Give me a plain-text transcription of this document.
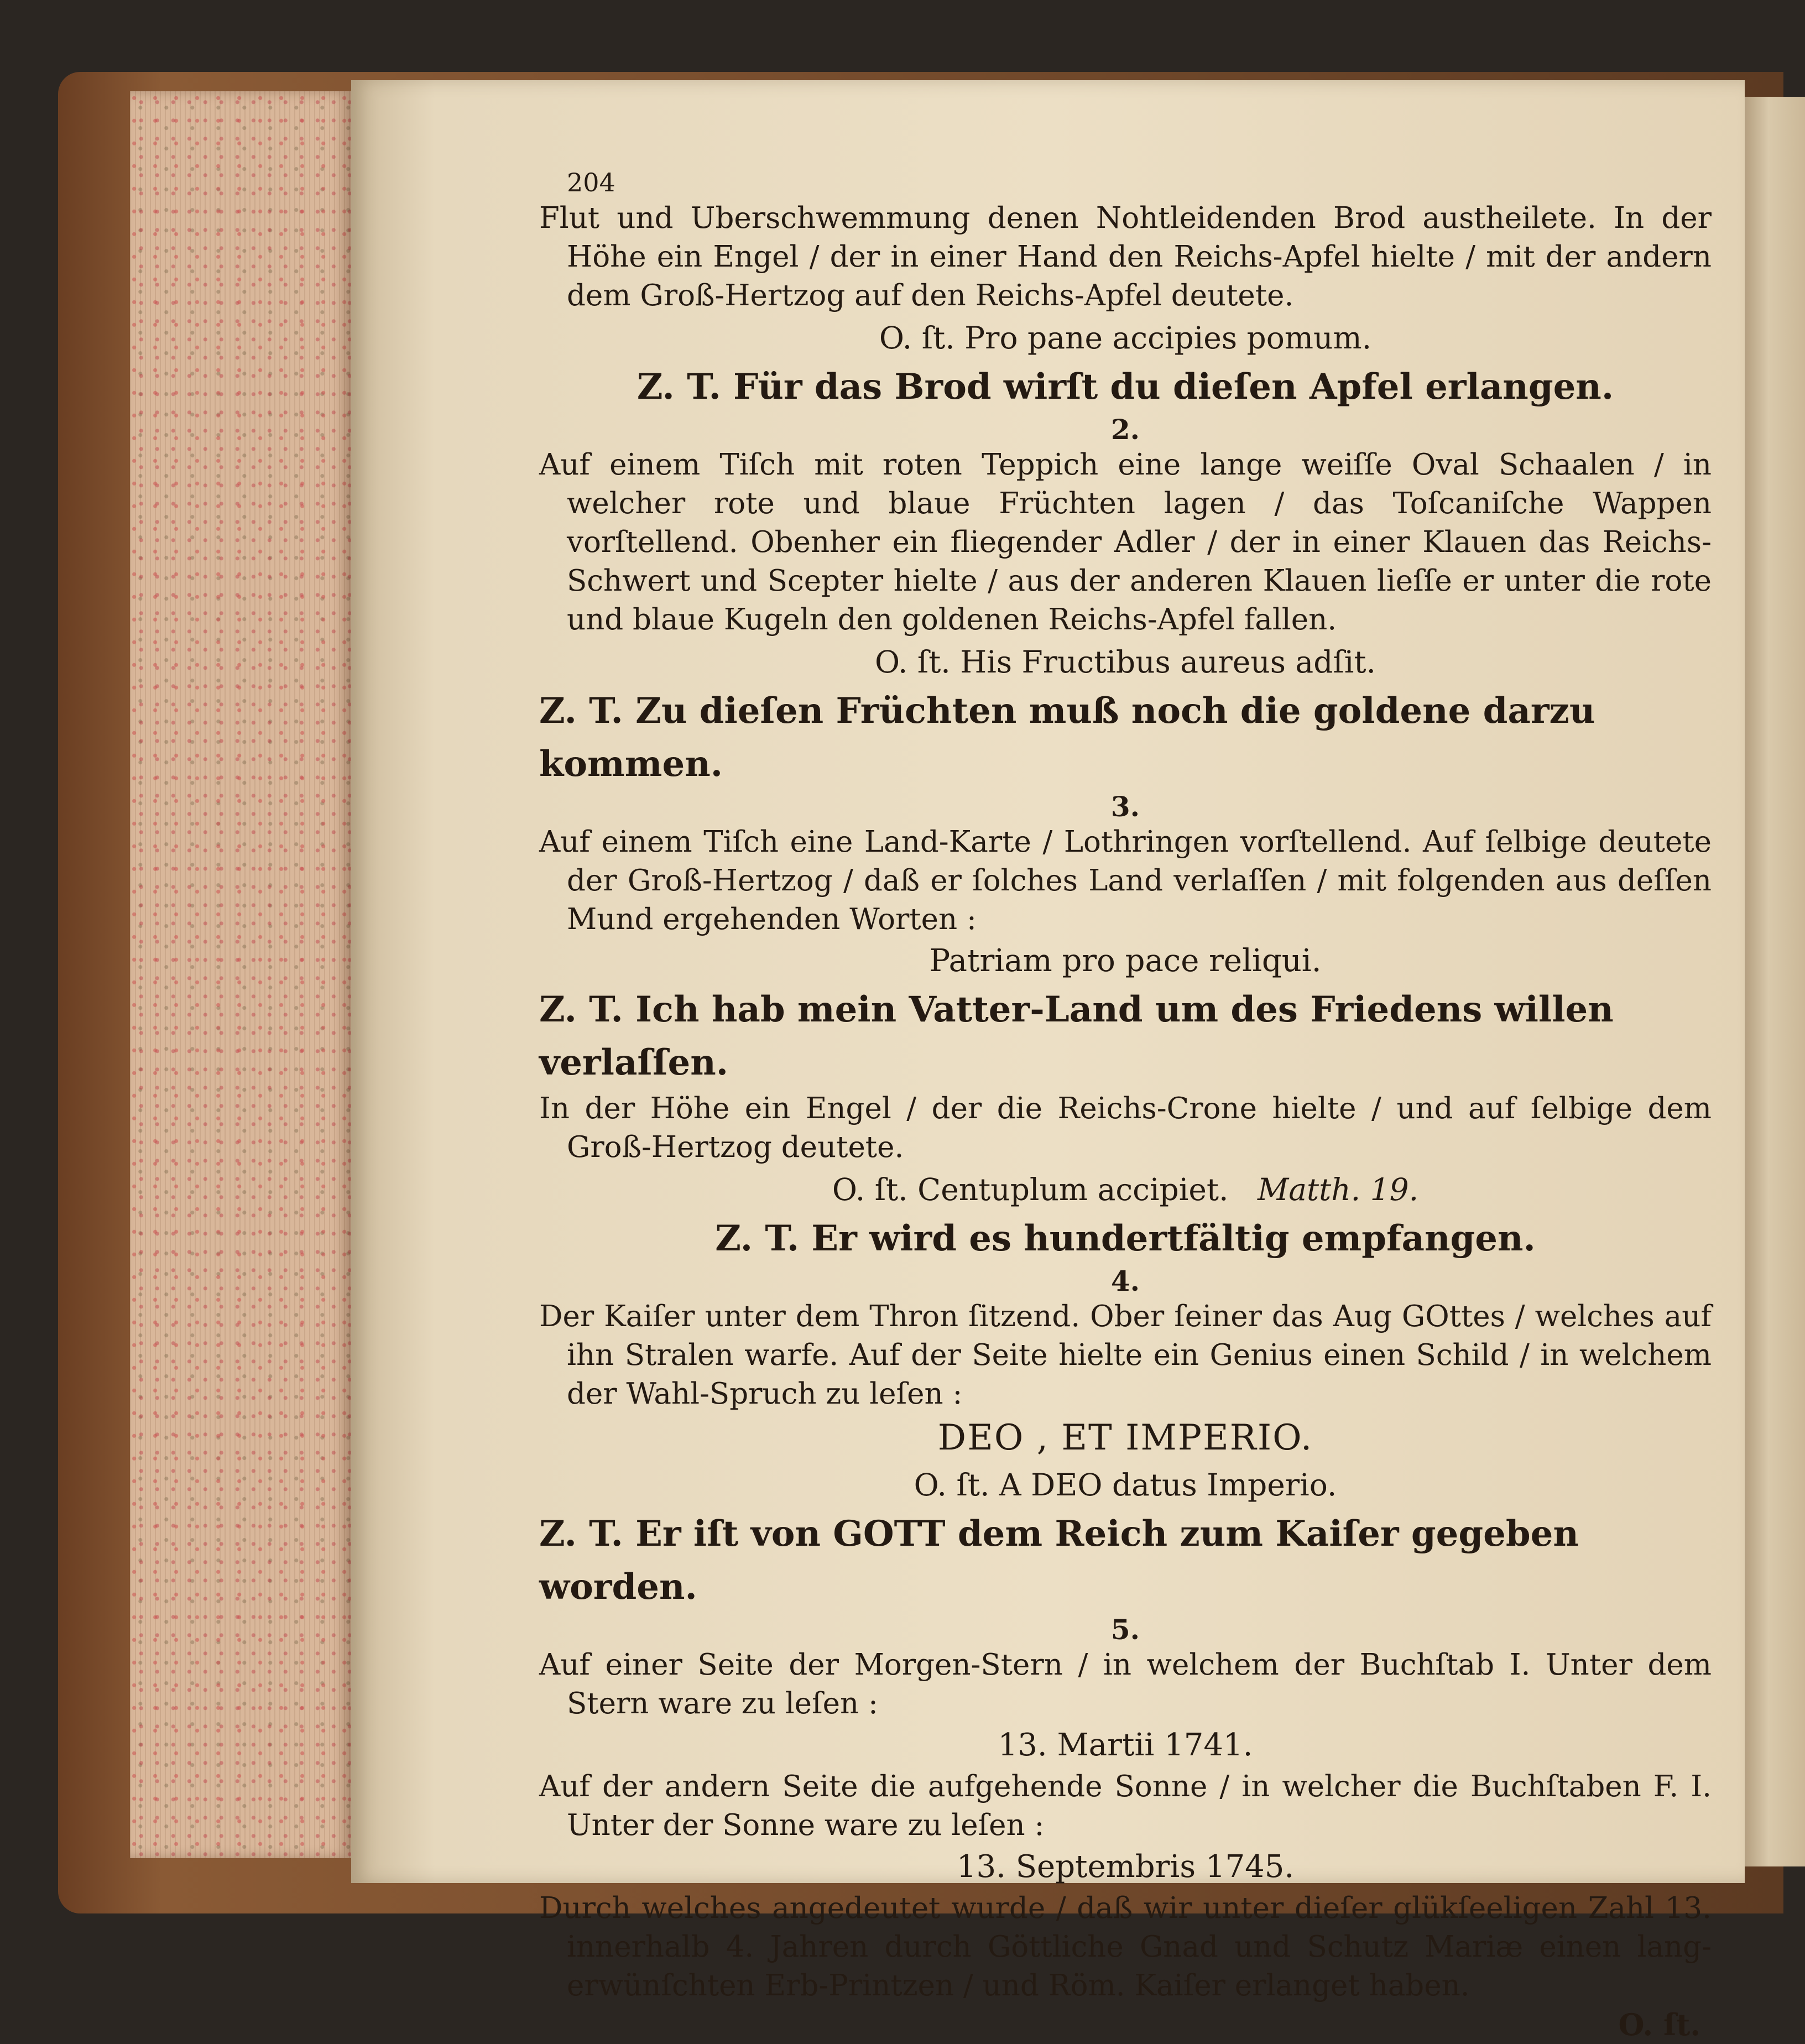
204

Flut und Uberschwemmung denen Nohtleidenden Brod austheilete. In der Höhe ein Engel / der in einer Hand den Reichs-Apfel hielte / mit der andern dem Groß-Hertzog auf den Reichs-Apfel deutete.

O. ſt. Pro pane accipies pomum.

Z. T. Für das Brod wirſt du dieſen Apfel erlangen.

2.

Auf einem Tiſch mit roten Teppich eine lange weiſſe Oval Schaalen / in welcher rote und blaue Früchten lagen / das Toſcaniſche Wappen vorſtellend. Obenher ein fliegender Adler / der in einer Klauen das Reichs-Schwert und Scepter hielte / aus der anderen Klauen lieſſe er unter die rote und blaue Kugeln den goldenen Reichs-Apfel fallen.

O. ſt. His Fructibus aureus adſit.

Z. T. Zu dieſen Früchten muß noch die goldene darzu kommen.

3.

Auf einem Tiſch eine Land-Karte / Lothringen vorſtellend. Auf ſelbige deutete der Groß-Hertzog / daß er ſolches Land verlaſſen / mit folgenden aus deſſen Mund ergehenden Worten :

Patriam pro pace reliqui.

Z. T. Ich hab mein Vatter-Land um des Friedens willen verlaſſen.

In der Höhe ein Engel / der die Reichs-Crone hielte / und auf ſelbige dem Groß-Hertzog deutete.

O. ſt. Centuplum accipiet. Matth. 19.

Z. T. Er wird es hundertfältig empfangen.

4.

Der Kaiſer unter dem Thron ſitzend. Ober ſeiner das Aug GOttes / welches auf ihn Stralen warfe. Auf der Seite hielte ein Genius einen Schild / in welchem der Wahl-Spruch zu leſen :

DEO , ET IMPERIO.

O. ſt. A DEO datus Imperio.

Z. T. Er iſt von GOTT dem Reich zum Kaiſer gegeben worden.

5.

Auf einer Seite der Morgen-Stern / in welchem der Buchſtab I. Unter dem Stern ware zu leſen :

13. Martii 1741.

Auf der andern Seite die aufgehende Sonne / in welcher die Buchſtaben F. I. Unter der Sonne ware zu leſen :

13. Septembris 1745.

Durch welches angedeutet wurde / daß wir unter dieſer glükſeeligen Zahl 13. innerhalb 4. Jahren durch Göttliche Gnad und Schutz Mariæ einen lang-erwünſchten Erb-Printzen / und Röm. Kaiſer erlanget haben.

O. ſt.
